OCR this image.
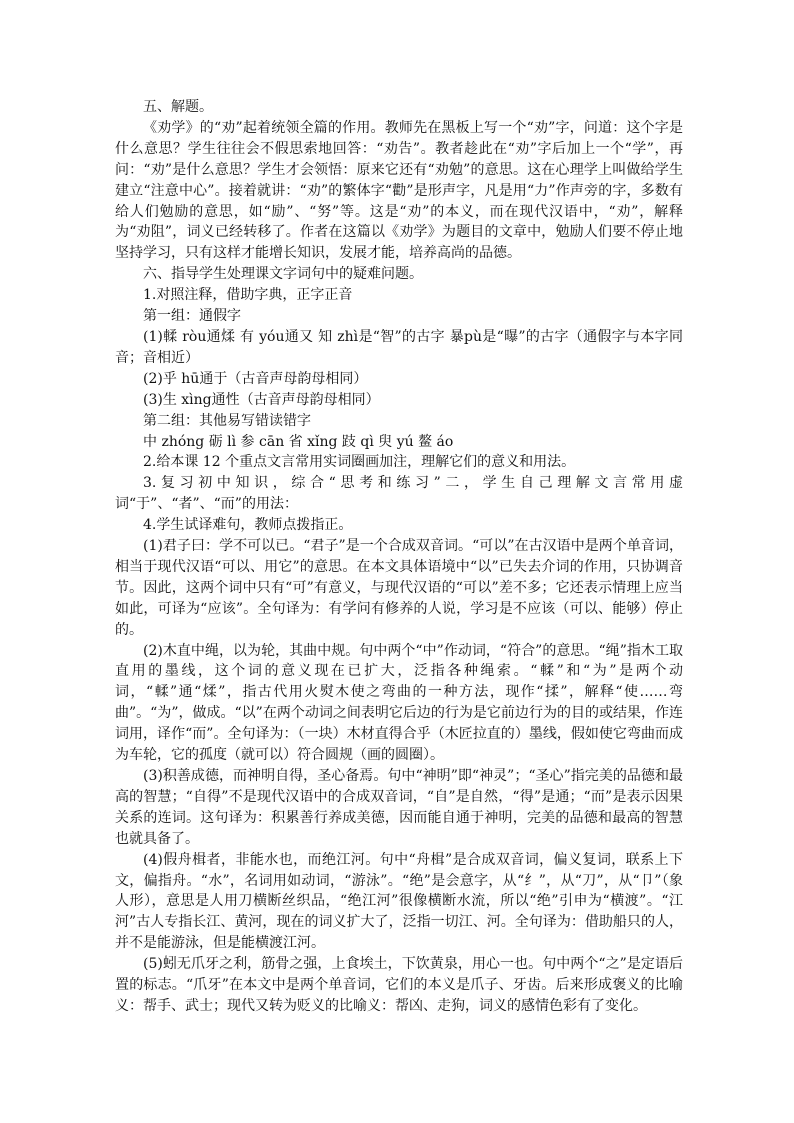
五、解题。

《劝学》的“劝”起着统领全篇的作用。教师先在黑板上写一个“劝”字，问道：这个字是什么意思？学生往往会不假思索地回答：“劝告”。教者趁此在“劝”字后加上一个“学”，再问：“劝”是什么意思？学生才会领悟：原来它还有“劝勉”的意思。这在心理学上叫做给学生建立“注意中心”。接着就讲：“劝”的繁体字“勸”是形声字，凡是用“力”作声旁的字，多数有给人们勉励的意思，如“励”、“努”等。这是“劝”的本义，而在现代汉语中，“劝”，解释为“劝阻”，词义已经转移了。作者在这篇以《劝学》为题目的文章中，勉励人们要不停止地坚持学习，只有这样才能增长知识，发展才能，培养高尚的品德。

六、指导学生处理课文字词句中的疑难问题。

1.对照注释，借助字典，正字正音

第一组：通假字

(1)輮 ròu通煣 有 yóu通又 知 zhì是“智”的古字 暴pù是“曝”的古字（通假字与本字同音；音相近）

(2)乎 hū通于（古音声母韵母相同）

(3)生 xìng通性（古音声母韵母相同）

第二组：其他易写错读错字

中 zhóng 砺 lì 参 cān 省 xǐng 跂 qì 臾 yú 鳌 áo

2.给本课 12 个重点文言常用实词圈画加注，理解它们的意义和用法。

3.复习初中知识，综合“思考和练习”二，学生自己理解文言常用虚词“于”、“者”、“而”的用法：

4.学生试译难句，教师点拨指正。

(1)君子曰：学不可以已。“君子”是一个合成双音词。“可以”在古汉语中是两个单音词，相当于现代汉语“可以、用它”的意思。在本文具体语境中“以”已失去介词的作用，只协调音节。因此，这两个词中只有“可”有意义，与现代汉语的“可以”差不多；它还表示情理上应当如此，可译为“应该”。全句译为：有学问有修养的人说，学习是不应该（可以、能够）停止的。

(2)木直中绳，以为轮，其曲中规。句中两个“中”作动词，“符合”的意思。“绳”指木工取直用的墨线，这个词的意义现在已扩大，泛指各种绳索。“輮”和“为”是两个动词，“輮”通“煣”，指古代用火熨木使之弯曲的一种方法，现作“揉”，解释“使……弯曲”。“为”，做成。“以”在两个动词之间表明它后边的行为是它前边行为的目的或结果，作连词用，译作“而”。全句译为：（一块）木材直得合乎（木匠拉直的）墨线，假如使它弯曲而成为车轮，它的孤度（就可以）符合圆规（画的圆圈）。

(3)积善成德，而神明自得，圣心备焉。句中“神明”即“神灵”；“圣心”指完美的品德和最高的智慧；“自得”不是现代汉语中的合成双音词，“自”是自然，“得”是通；“而”是表示因果关系的连词。这句译为：积累善行养成美德，因而能自通于神明，完美的品德和最高的智慧也就具备了。

(4)假舟楫者，非能水也，而绝江河。句中“舟楫”是合成双音词，偏义复词，联系上下文，偏指舟。“水”，名词用如动词，“游泳”。“绝”是会意字，从“纟”，从“刀”，从“卩”（象人形），意思是人用刀横断丝织品，“绝江河”很像横断水流，所以“绝”引申为“横渡”。“江河”古人专指长江、黄河，现在的词义扩大了，泛指一切江、河。全句译为：借助船只的人，并不是能游泳，但是能横渡江河。

(5)蚓无爪牙之利，筋骨之强，上食埃土，下饮黄泉，用心一也。句中两个“之”是定语后置的标志。“爪牙”在本文中是两个单音词，它们的本义是爪子、牙齿。后来形成褒义的比喻义：帮手、武士；现代又转为贬义的比喻义：帮凶、走狗，词义的感情色彩有了变化。
